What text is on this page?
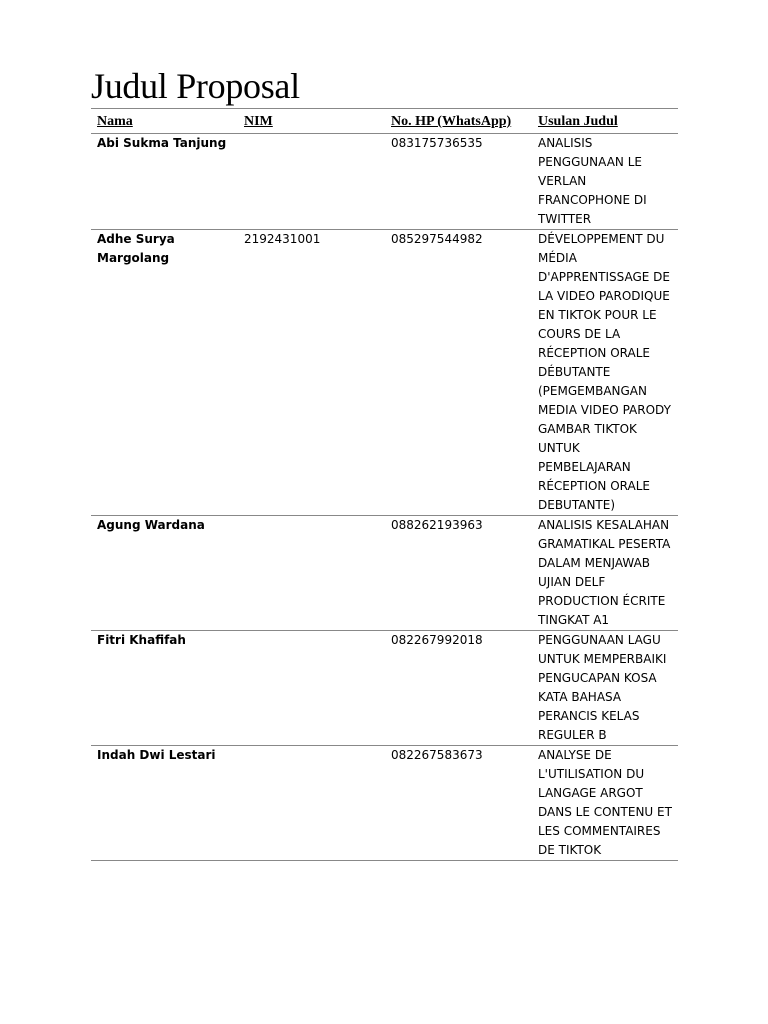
Judul Proposal
Nama	NIM	No. HP (WhatsApp)	Usulan Judul
Abi Sukma Tanjung		083175736535	ANALISIS PENGGUNAAN LE VERLAN FRANCOPHONE DI TWITTER
Adhe Surya Margolang	2192431001	085297544982	DÉVELOPPEMENT DU MÉDIA D'APPRENTISSAGE DE LA VIDEO PARODIQUE EN TIKTOK POUR LE COURS DE LA RÉCEPTION ORALE DÉBUTANTE (PEMGEMBANGAN MEDIA VIDEO PARODY GAMBAR TIKTOK UNTUK PEMBELAJARAN RÉCEPTION ORALE DEBUTANTE)
Agung Wardana		088262193963	ANALISIS KESALAHAN GRAMATIKAL PESERTA DALAM MENJAWAB UJIAN DELF PRODUCTION ÉCRITE TINGKAT A1
Fitri Khafifah		082267992018	PENGGUNAAN LAGU UNTUK MEMPERBAIKI PENGUCAPAN KOSA KATA BAHASA PERANCIS KELAS REGULER B
Indah Dwi Lestari		082267583673	ANALYSE DE L'UTILISATION DU LANGAGE ARGOT DANS LE CONTENU ET LES COMMENTAIRES DE TIKTOK
